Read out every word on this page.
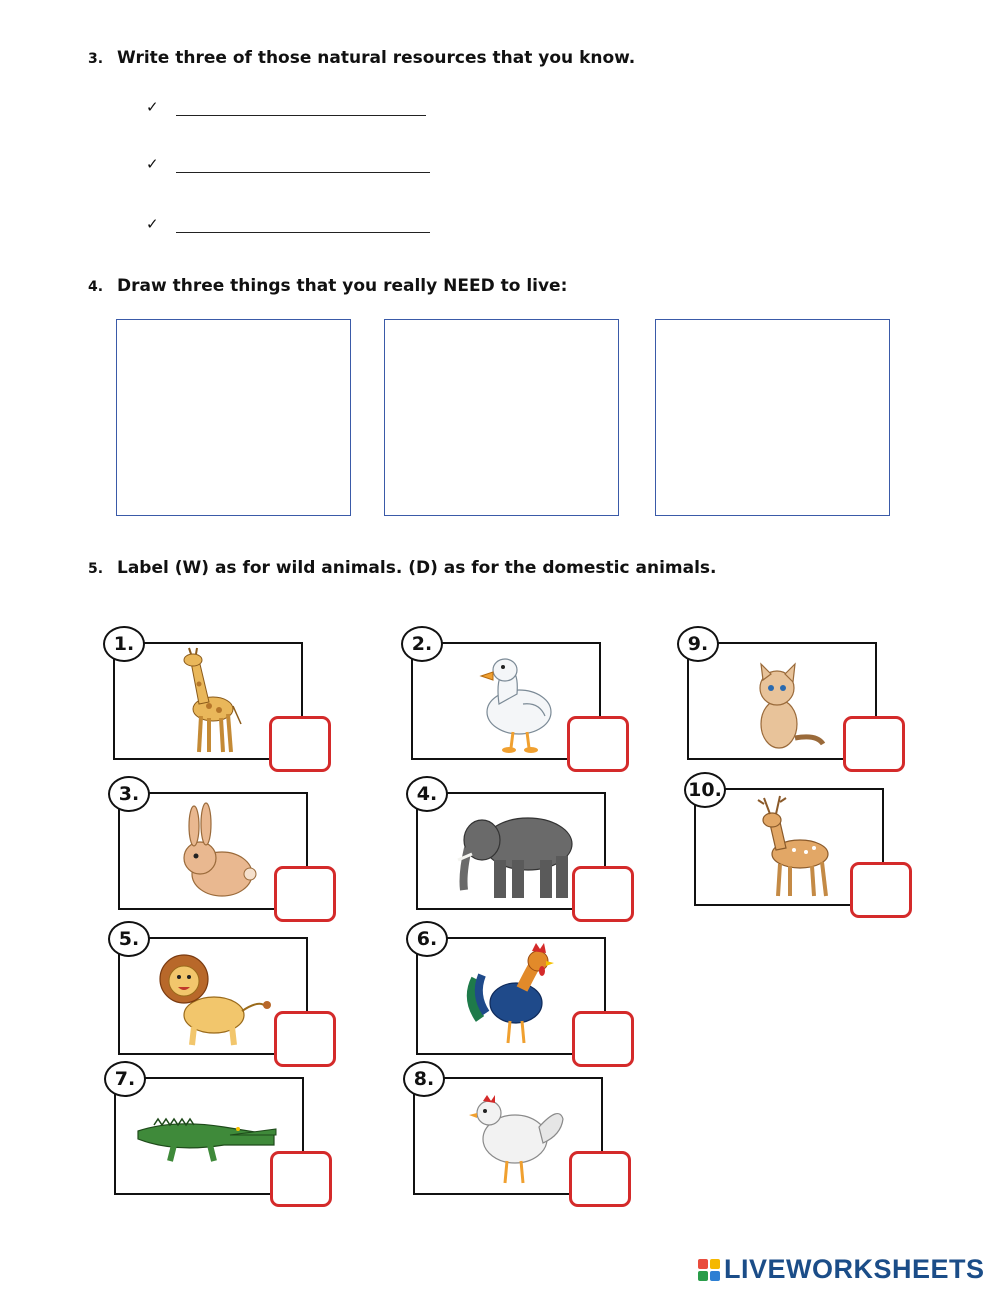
3. Write three of those natural resources that you know.
✓
✓
✓
4. Draw three things that you really NEED to live:
5. Label (W) as for wild animals. (D) as for the domestic animals.
1.	2.	9.
3.	4.	10.
5.	6.
7.	8.
LIVEWORKSHEETS
